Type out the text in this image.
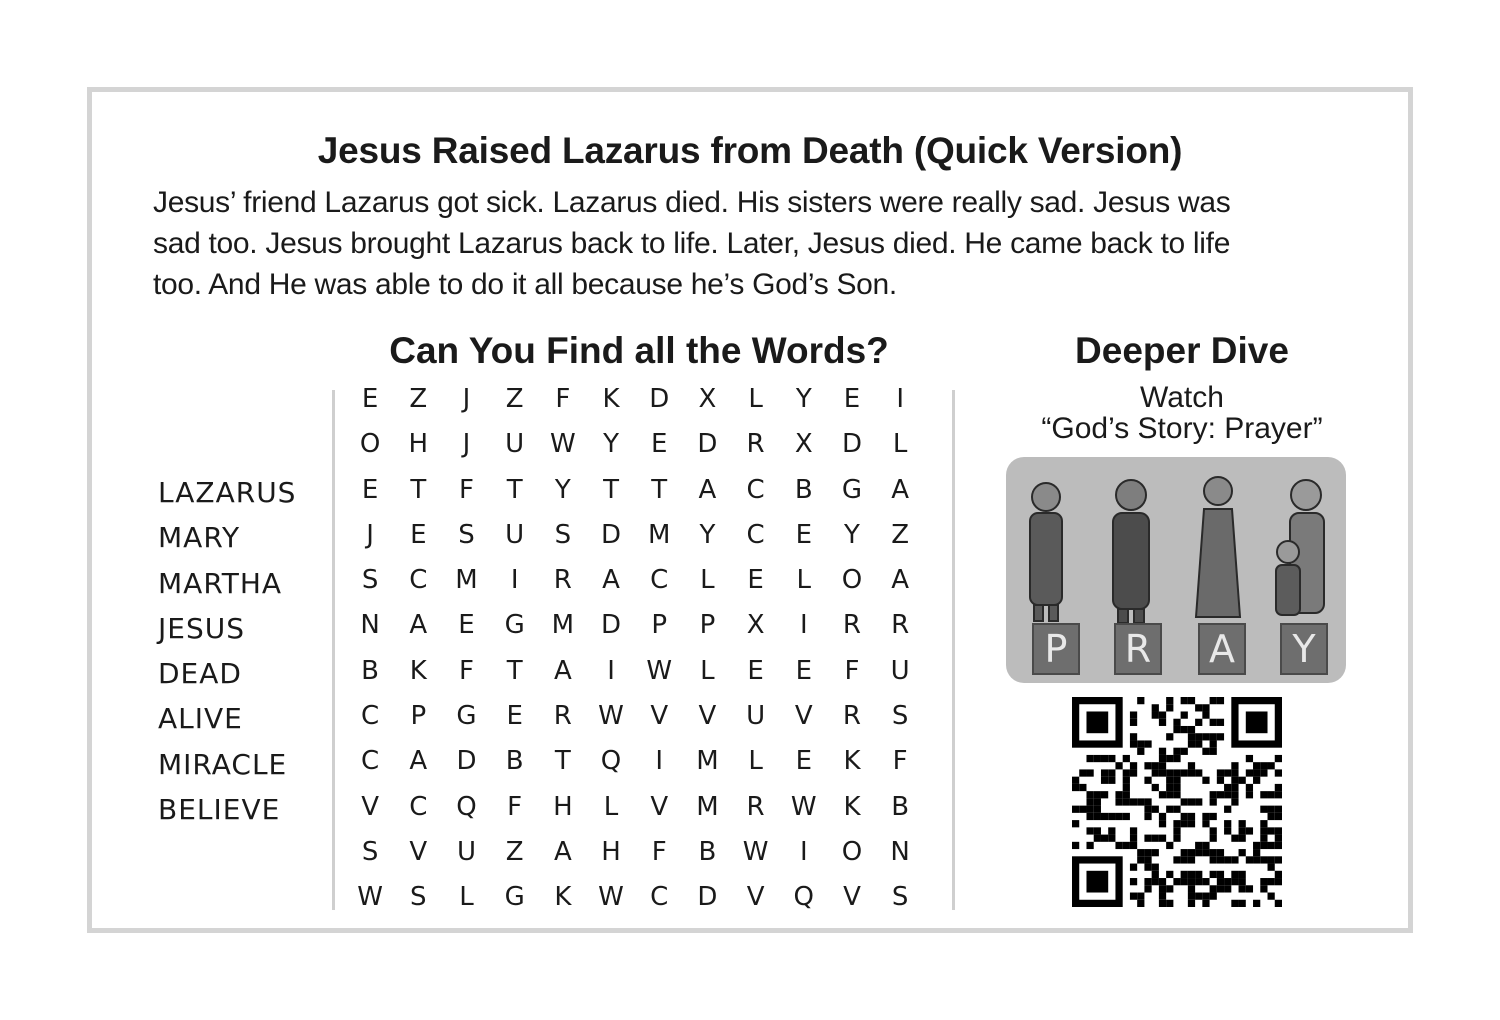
Jesus Raised Lazarus from Death (Quick Version)
Jesus’ friend Lazarus got sick. Lazarus died. His sisters were really sad. Jesus was
sad too. Jesus brought Lazarus back to life. Later, Jesus died. He came back to life
too. And He was able to do it all because he’s God’s Son.
Can You Find all the Words?	Deeper Dive
LAZARUS
MARY
MARTHA
JESUS
DEAD
ALIVE
MIRACLE
BELIEVE
E	Z	J	Z	F	K	D	X	L	Y	E	I
O	H	J	U W	Y	E	D	R	X	D	L
E	T	F	T	Y	T	T	A	C	B	G	A
J	E	S	U	S	D	M	Y	C	E	Y	Z
S	C	M	I	R	A	C	L	E	L	O	A
N	A	E	G	M	D	P	P	X	I	R	R
B	K	F	T	A	I	W	L	E	E	F	U
C	P	G	E	R	W	V	V	U	V	R	S
C	A	D	B	T	Q	I	M	L	E	K	F
V	C	Q	F	H	L	V	M	R	W	K	B
S	V	U	Z	A	H	F	B	W	I	O	N
W	S	L	G	K	W	C	D	V	Q	V	S
Watch
“God’s Story: Prayer”
P	R A	Y
